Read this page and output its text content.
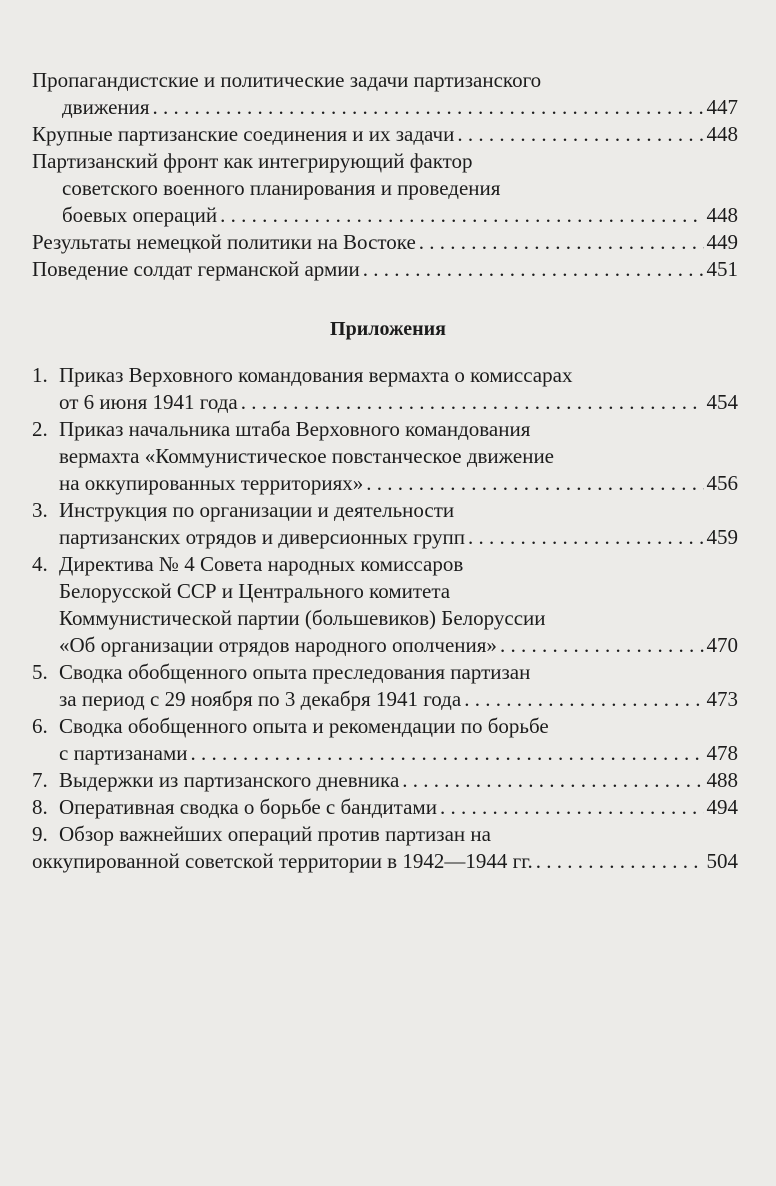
Пропагандистские и политические задачи партизанского
движения . . .	447
Крупные партизанские соединения и их задачи . . .	448
Партизанский фронт как интегрирующий фактор
советского военного планирования и проведения
боевых операций . . .	448
Результаты немецкой политики на Востоке . . .	449
Поведение солдат германской армии . . .	451
Приложения
1. Приказ Верховного командования вермахта о комиссарах
от 6 июня 1941 года . . .	454
2. Приказ начальника штаба Верховного командования
вермахта «Коммунистическое повстанческое движение
на оккупированных территориях» . . .	456
3. Инструкция по организации и деятельности
партизанских отрядов и диверсионных групп . . .	459
4. Директива № 4 Совета народных комиссаров
Белорусской ССР и Центрального комитета
Коммунистической партии (большевиков) Белоруссии
«Об организации отрядов народного ополчения» . . .	470
5. Сводка обобщенного опыта преследования партизан
за период с 29 ноября по 3 декабря 1941 года . . .	473
6. Сводка обобщенного опыта и рекомендации по борьбе
с партизанами . . .	478
7. Выдержки из партизанского дневника . . .	488
8. Оперативная сводка о борьбе с бандитами . . .	494
9. Обзор важнейших операций против партизан на
оккупированной советской территории в 1942—1944 гг. . . .	504
